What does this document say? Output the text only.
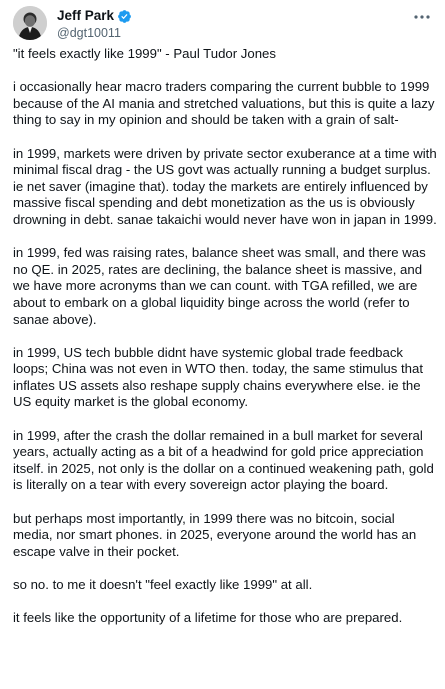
Jeff Park
@dgt10011

"it feels exactly like 1999" - Paul Tudor Jones

i occasionally hear macro traders comparing the current bubble to 1999 because of the AI mania and stretched valuations, but this is quite a lazy thing to say in my opinion and should be taken with a grain of salt-

in 1999, markets were driven by private sector exuberance at a time with minimal fiscal drag - the US govt was actually running a budget surplus. ie net saver (imagine that). today the markets are entirely influenced by massive fiscal spending and debt monetization as the us is obviously drowning in debt. sanae takaichi would never have won in japan in 1999.

in 1999, fed was raising rates, balance sheet was small, and there was no QE. in 2025, rates are declining, the balance sheet is massive, and we have more acronyms than we can count. with TGA refilled, we are about to embark on a global liquidity binge across the world (refer to sanae above).

in 1999, US tech bubble didnt have systemic global trade feedback loops; China was not even in WTO then. today, the same stimulus that inflates US assets also reshape supply chains everywhere else. ie the US equity market is the global economy.

in 1999, after the crash the dollar remained in a bull market for several years, actually acting as a bit of a headwind for gold price appreciation itself. in 2025, not only is the dollar on a continued weakening path, gold is literally on a tear with every sovereign actor playing the board.

but perhaps most importantly, in 1999 there was no bitcoin, social media, nor smart phones. in 2025, everyone around the world has an escape valve in their pocket.

so no. to me it doesn't "feel exactly like 1999" at all.

it feels like the opportunity of a lifetime for those who are prepared.
